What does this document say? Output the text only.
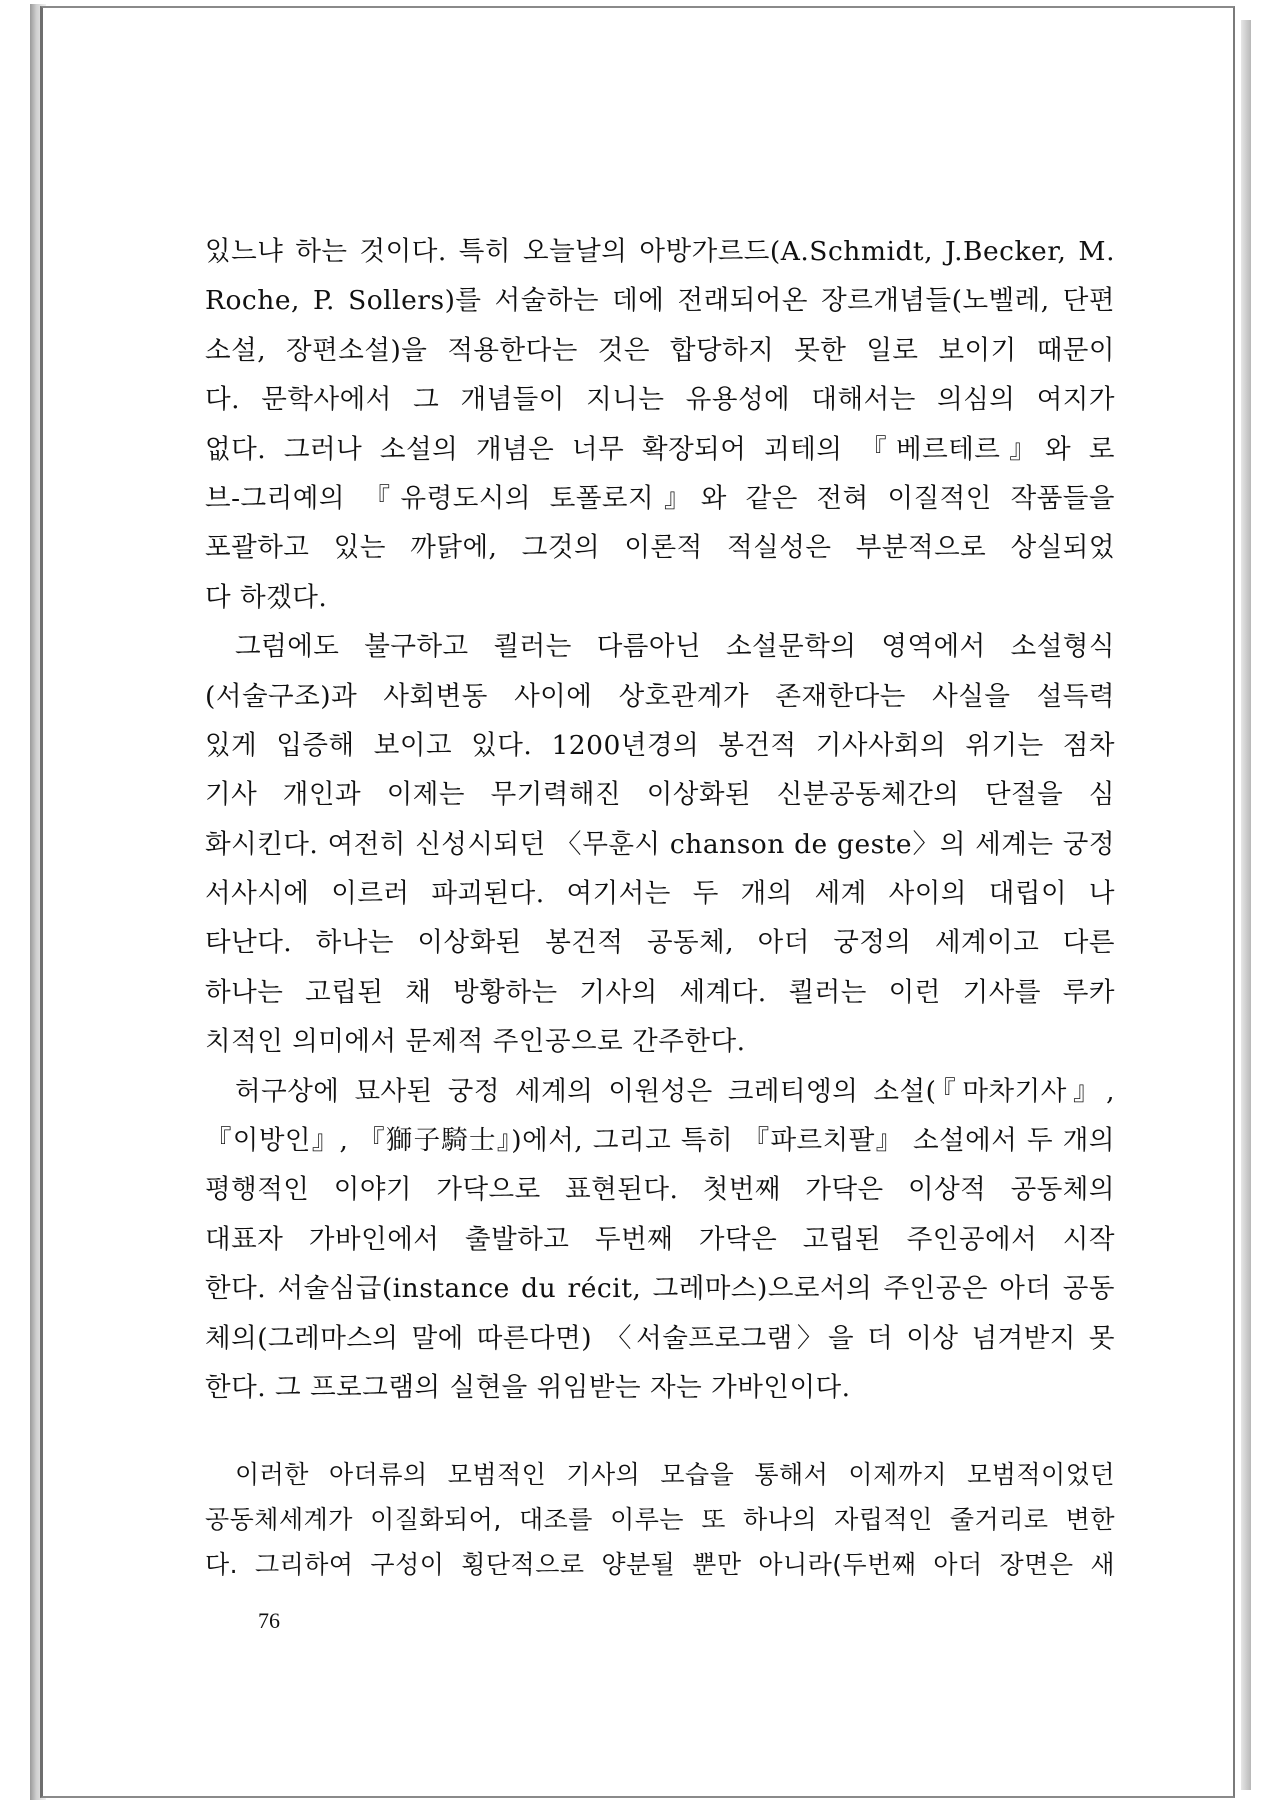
있느냐 하는 것이다. 특히 오늘날의 아방가르드(A.Schmidt, J.Becker, M.
Roche, P. Sollers)를 서술하는 데에 전래되어온 장르개념들(노벨레, 단편
소설, 장편소설)을 적용한다는 것은 합당하지 못한 일로 보이기 때문이
다. 문학사에서 그 개념들이 지니는 유용성에 대해서는 의심의 여지가
없다. 그러나 소설의 개념은 너무 확장되어 괴테의 『베르테르』와 로
브-그리예의 『유령도시의 토폴로지』와 같은 전혀 이질적인 작품들을
포괄하고 있는 까닭에, 그것의 이론적 적실성은 부분적으로 상실되었
다 하겠다.
그럼에도 불구하고 쾰러는 다름아닌 소설문학의 영역에서 소설형식
(서술구조)과 사회변동 사이에 상호관계가 존재한다는 사실을 설득력
있게 입증해 보이고 있다. 1200년경의 봉건적 기사사회의 위기는 점차
기사 개인과 이제는 무기력해진 이상화된 신분공동체간의 단절을 심
화시킨다. 여전히 신성시되던 〈무훈시 chanson de geste〉의 세계는 궁정
서사시에 이르러 파괴된다. 여기서는 두 개의 세계 사이의 대립이 나
타난다. 하나는 이상화된 봉건적 공동체, 아더 궁정의 세계이고 다른
하나는 고립된 채 방황하는 기사의 세계다. 쾰러는 이런 기사를 루카
치적인 의미에서 문제적 주인공으로 간주한다.
허구상에 묘사된 궁정 세계의 이원성은 크레티엥의 소설(『마차기사』,
『이방인』, 『獅子騎士』)에서, 그리고 특히 『파르치팔』 소설에서 두 개의
평행적인 이야기 가닥으로 표현된다. 첫번째 가닥은 이상적 공동체의
대표자 가바인에서 출발하고 두번째 가닥은 고립된 주인공에서 시작
한다. 서술심급(instance du récit, 그레마스)으로서의 주인공은 아더 공동
체의(그레마스의 말에 따른다면) 〈서술프로그램〉을 더 이상 넘겨받지 못
한다. 그 프로그램의 실현을 위임받는 자는 가바인이다.
이러한 아더류의 모범적인 기사의 모습을 통해서 이제까지 모범적이었던
공동체세계가 이질화되어, 대조를 이루는 또 하나의 자립적인 줄거리로 변한
다. 그리하여 구성이 횡단적으로 양분될 뿐만 아니라(두번째 아더 장면은 새
76
